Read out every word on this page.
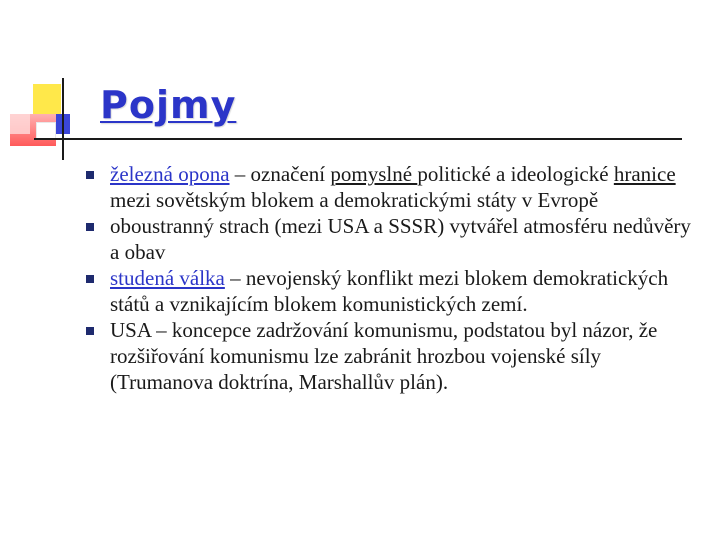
Pojmy
železná opona – označení pomyslné politické a ideologické hranice mezi sovětským blokem a demokratickými státy v Evropě
oboustranný strach (mezi USA a SSSR) vytvářel atmosféru nedůvěry a obav
studená válka – nevojenský konflikt mezi blokem demokratických států a vznikajícím blokem komunistických zemí.
USA – koncepce zadržování komunismu, podstatou byl názor, že rozšiřování komunismu lze zabránit hrozbou vojenské síly (Trumanova doktrína, Marshallův plán).
